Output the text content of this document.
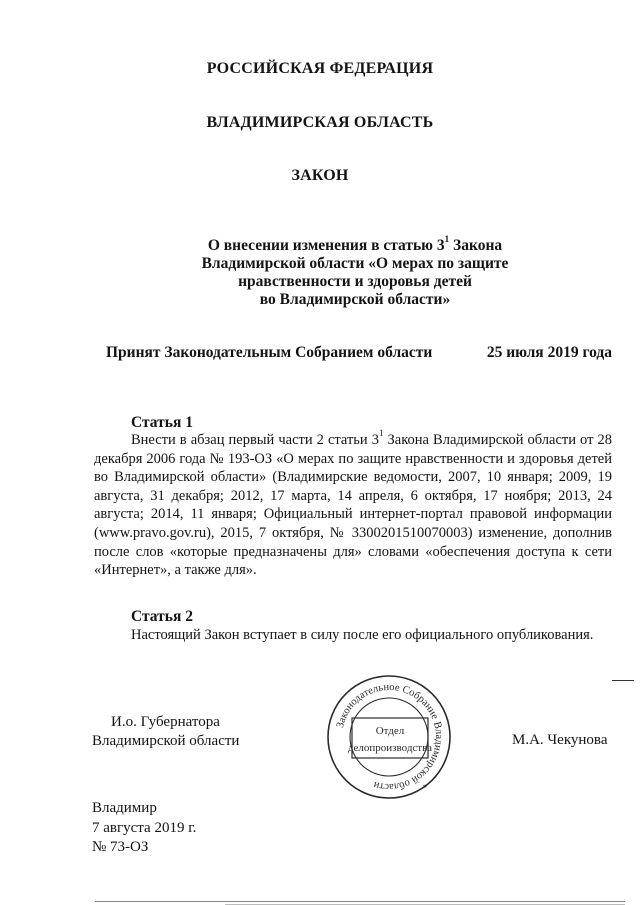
РОССИЙСКАЯ ФЕДЕРАЦИЯ
ВЛАДИМИРСКАЯ ОБЛАСТЬ
ЗАКОН
О внесении изменения в статью $3^1$ Закона
Владимирской области «О мерах по защите
нравственности и здоровья детей
во Владимирской области»
Принят Законодательным Собранием области	25 июля 2019 года
Статья 1
Внести в абзац первый части 2 статьи $3^1$ Закона Владимирской области от 28 декабря 2006 года № 193-ОЗ «О мерах по защите нравственности и здоровья детей во Владимирской области» (Владимирские ведомости, 2007, 10 января; 2009, 19 августа, 31 декабря; 2012, 17 марта, 14 апреля, 6 октября, 17 ноября; 2013, 24 августа; 2014, 11 января; Официальный интернет-портал правовой информации (www.pravo.gov.ru), 2015, 7 октября, № 3300201510070003) изменение, дополнив после слов «которые предназначены для» словами «обеспечения доступа к сети «Интернет», а также для».
Статья 2
Настоящий Закон вступает в силу после его официального опубликования.
И.о. Губернатора
Владимирской области	М.А. Чекунова
Законодательное Собрание Владимирской области	*
Отдел
делопроизводства
Владимир
7 августа 2019 г.
№ 73-ОЗ
